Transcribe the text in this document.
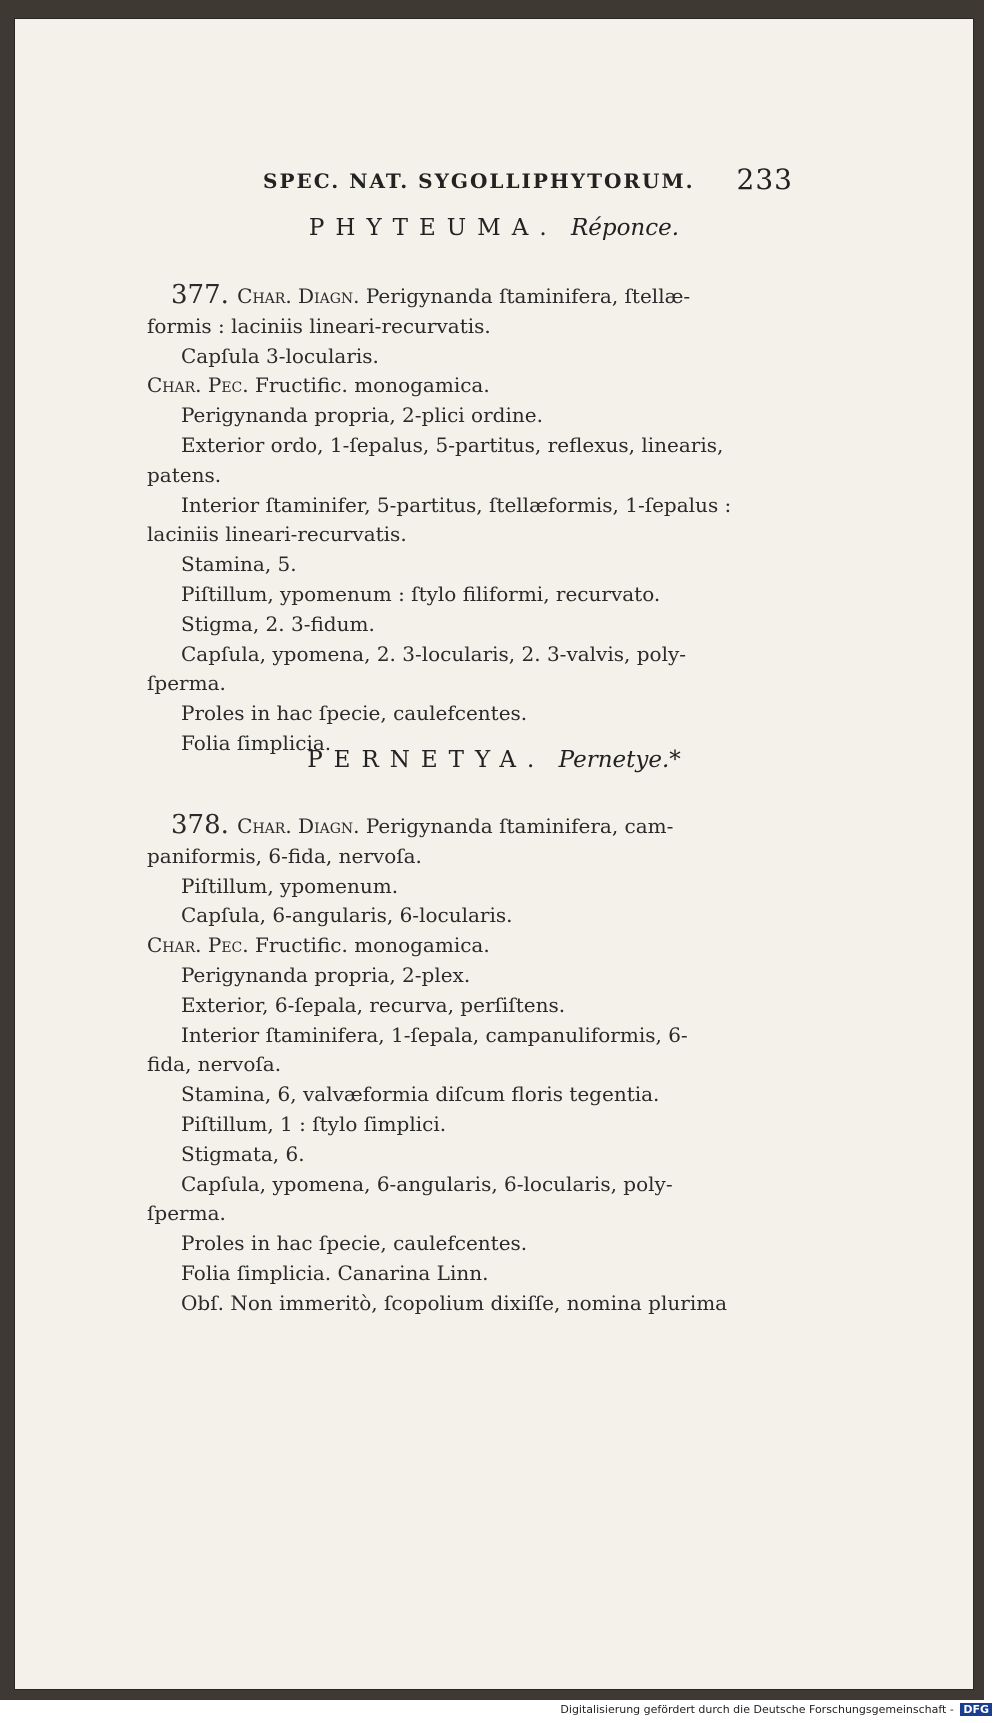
SPEC. NAT. SYGOLLIPHYTORUM. 233
PHYTEUMA. Réponce.

377. Char. Diagn. Perigynanda ſtaminifera, ſtellæ-

formis : laciniis lineari-recurvatis.

Capſula 3-locularis.

Char. Pec. Fructific. monogamica.

Perigynanda propria, 2-plici ordine.

Exterior ordo, 1-ſepalus, 5-partitus, reflexus, linearis,

patens.

Interior ſtaminifer, 5-partitus, ſtellæformis, 1-ſepalus :

laciniis lineari-recurvatis.

Stamina, 5.

Piſtillum, ypomenum : ſtylo filiformi, recurvato.

Stigma, 2. 3-fidum.

Capſula, ypomena, 2. 3-locularis, 2. 3-valvis, poly-

ſperma.

Proles in hac ſpecie, caulefcentes.

Folia ſimplicia.

PERNETYA. Pernetye.*

378. Char. Diagn. Perigynanda ſtaminifera, cam-

paniformis, 6-fida, nervoſa.

Piſtillum, ypomenum.

Capſula, 6-angularis, 6-locularis.

Char. Pec. Fructific. monogamica.

Perigynanda propria, 2-plex.

Exterior, 6-ſepala, recurva, perſiſtens.

Interior ſtaminifera, 1-ſepala, campanuliformis, 6-

fida, nervoſa.

Stamina, 6, valvæformia diſcum floris tegentia.

Piſtillum, 1 : ſtylo ſimplici.

Stigmata, 6.

Capſula, ypomena, 6-angularis, 6-locularis, poly-

ſperma.

Proles in hac ſpecie, caulefcentes.

Folia ſimplicia. Canarina Linn.

Obſ. Non immeritò, ſcopolium dixiſſe, nomina plurima

Digitalisierung gefördert durch die Deutsche Forschungsgemeinschaft - DFG
